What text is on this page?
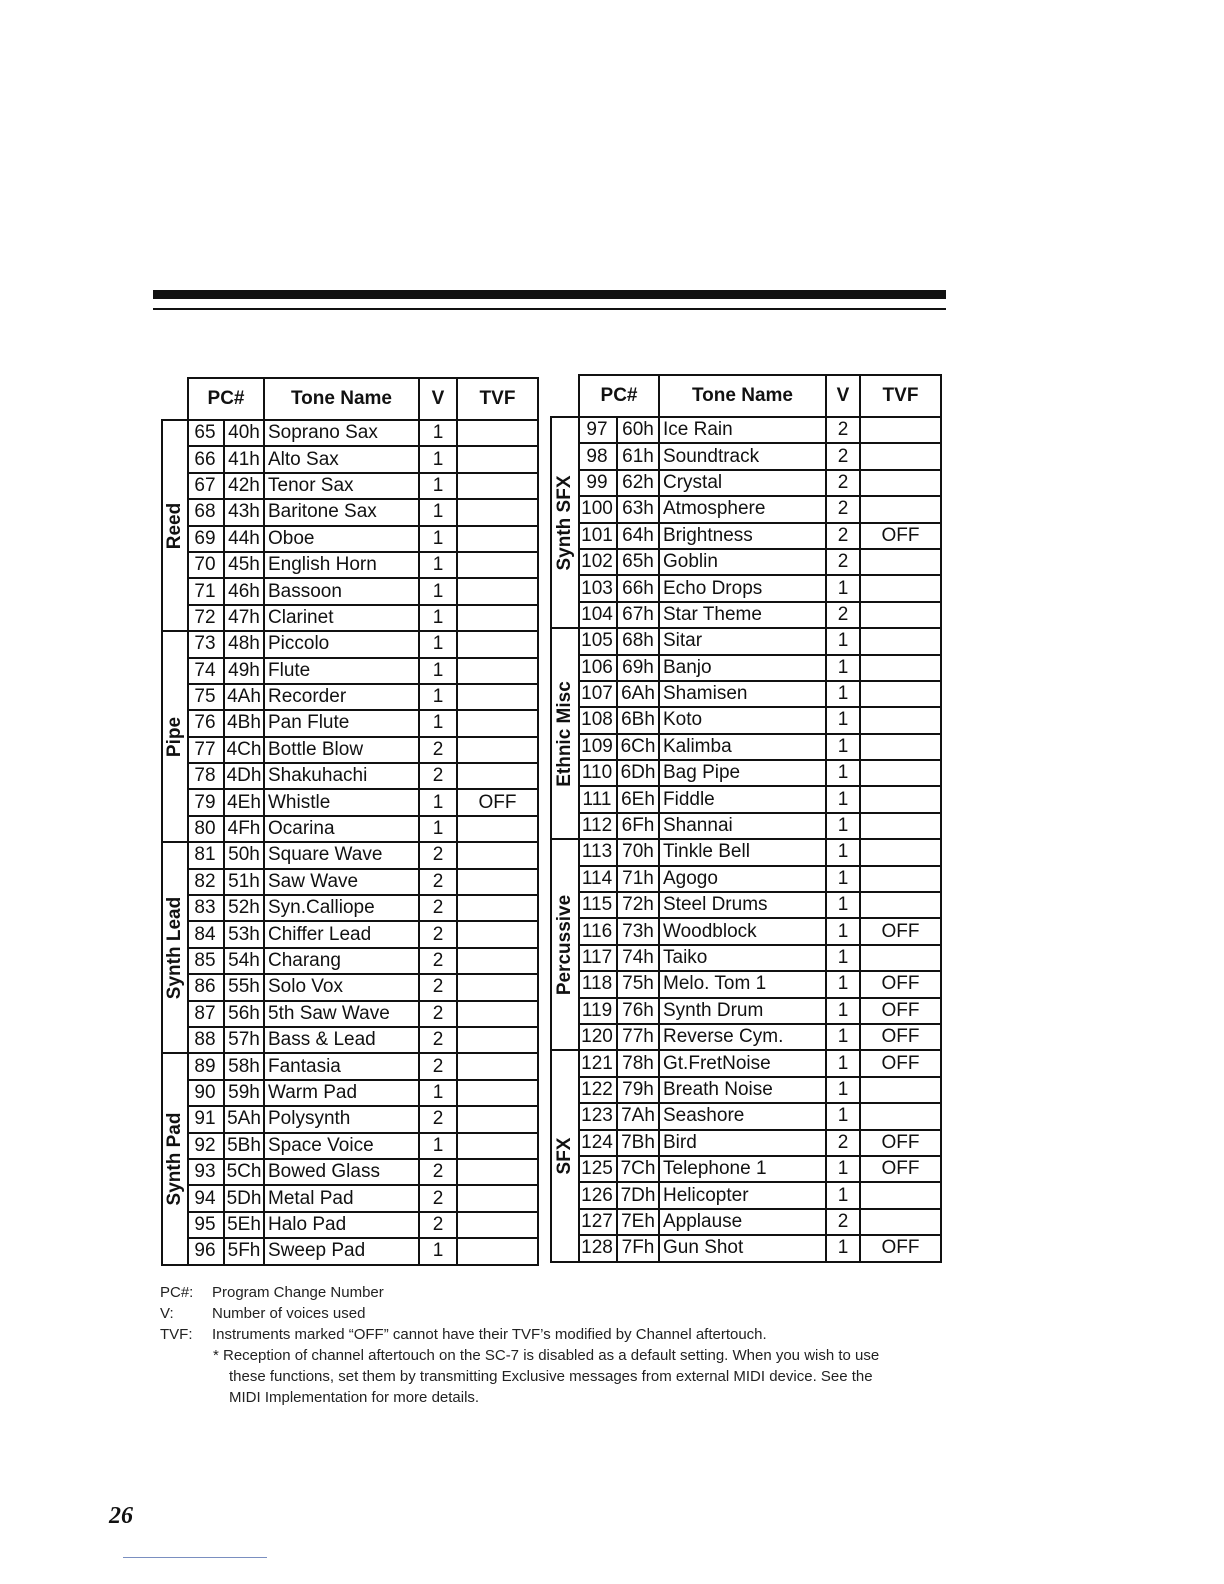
	PC#		Tone Name	V	TVF

Reed	65	40h	Soprano Sax	1	
	66	41h	Alto Sax	1	
	67	42h	Tenor Sax	1	
	68	43h	Baritone Sax	1	
	69	44h	Oboe	1	
	70	45h	English Horn	1	
	71	46h	Bassoon	1	
	72	47h	Clarinet	1	

Pipe	73	48h	Piccolo	1	
	74	49h	Flute	1	
	75	4Ah	Recorder	1	
	76	4Bh	Pan Flute	1	
	77	4Ch	Bottle Blow	2	
	78	4Dh	Shakuhachi	2	
	79	4Eh	Whistle	1	OFF
	80	4Fh	Ocarina	1	

Synth Lead	81	50h	Square Wave	2	
	82	51h	Saw Wave	2	
	83	52h	Syn.Calliope	2	
	84	53h	Chiffer Lead	2	
	85	54h	Charang	2	
	86	55h	Solo Vox	2	
	87	56h	5th Saw Wave	2	
	88	57h	Bass & Lead	2	

Synth Pad	89	58h	Fantasia	2	
	90	59h	Warm Pad	1	
	91	5Ah	Polysynth	2	
	92	5Bh	Space Voice	1	
	93	5Ch	Bowed Glass	2	
	94	5Dh	Metal Pad	2	
	95	5Eh	Halo Pad	2	
	96	5Fh	Sweep Pad	1	
	PC#		Tone Name	V	TVF

Synth SFX	97	60h	Ice Rain	2	
	98	61h	Soundtrack	2	
	99	62h	Crystal	2	
	100	63h	Atmosphere	2	
	101	64h	Brightness	2	OFF
	102	65h	Goblin	2	
	103	66h	Echo Drops	1	
	104	67h	Star Theme	2	

Ethnic Misc	105	68h	Sitar	1	
	106	69h	Banjo	1	
	107	6Ah	Shamisen	1	
	108	6Bh	Koto	1	
	109	6Ch	Kalimba	1	
	110	6Dh	Bag Pipe	1	
	111	6Eh	Fiddle	1	
	112	6Fh	Shannai	1	

Percussive	113	70h	Tinkle Bell	1	
	114	71h	Agogo	1	
	115	72h	Steel Drums	1	
	116	73h	Woodblock	1	OFF
	117	74h	Taiko	1	
	118	75h	Melo. Tom 1	1	OFF
	119	76h	Synth Drum	1	OFF
	120	77h	Reverse Cym.	1	OFF

SFX	121	78h	Gt.FretNoise	1	OFF
	122	79h	Breath Noise	1	
	123	7Ah	Seashore	1	
	124	7Bh	Bird	2	OFF
	125	7Ch	Telephone 1	1	OFF
	126	7Dh	Helicopter	1	
	127	7Eh	Applause	2	
	128	7Fh	Gun Shot	1	OFF
PC#:	Program Change Number
V:	Number of voices used
TVF:	Instruments marked “OFF” cannot have their TVF’s modified by Channel aftertouch.
* Reception of channel aftertouch on the SC-7 is disabled as a default setting. When you wish to use
these functions, set them by transmitting Exclusive messages from external MIDI device. See the
MIDI Implementation for more details.
26
